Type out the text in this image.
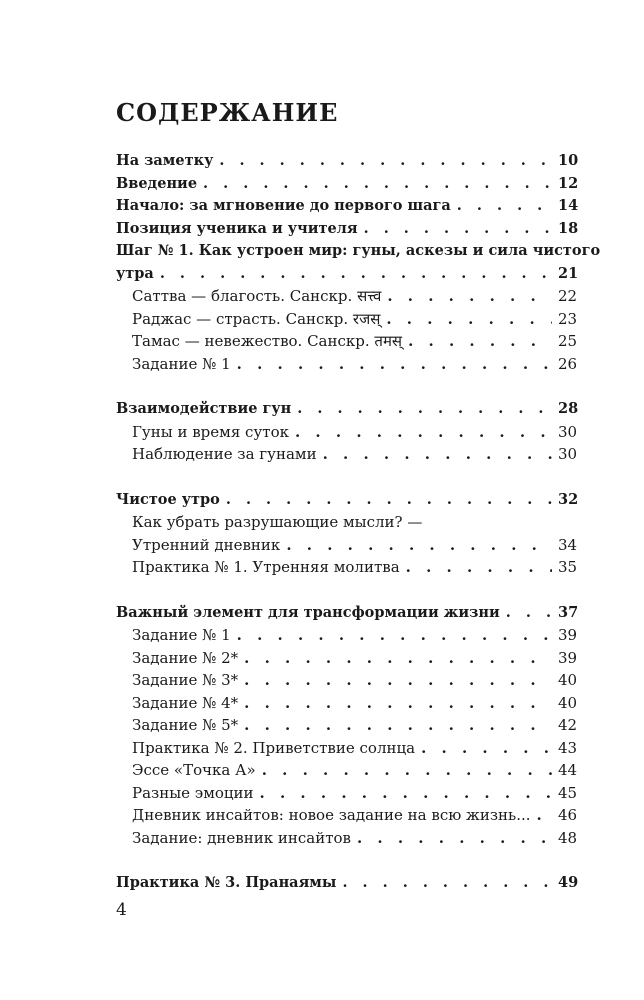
СОДЕРЖАНИЕ
На заметку . . .	10
Введение . . .	12
Начало: за мгновение до первого шага . . .	14
Позиция ученика и учителя . . .	18
Шаг № 1. Как устроен мир: гуны, аскезы и сила чистого
утра . . .	21
Саттва — благость. Санскр. सत्त्व . . .	22
Раджас — страсть. Санскр. रजस् . . .	23
Тамас — невежество. Санскр. तमस् . . .	25
Задание № 1 . . .	26
Взаимодействие гун . . .	28
Гуны и время суток . . .	30
Наблюдение за гунами . . .	30
Чистое утро . . .	32
Как убрать разрушающие мысли? —
Утренний дневник . . .	34
Практика № 1. Утренняя молитва . . .	35
Важный элемент для трансформации жизни . . .	37
Задание № 1 . . .	39
Задание № 2* . . .	39
Задание № 3* . . .	40
Задание № 4* . . .	40
Задание № 5* . . .	42
Практика № 2. Приветствие солнца . . .	43
Эссе «Точка А» . . .	44
Разные эмоции . . .	45
Дневник инсайтов: новое задание на всю жизнь... . . .	46
Задание: дневник инсайтов . . .	48
Практика № 3. Пранаямы . . .	49
4
